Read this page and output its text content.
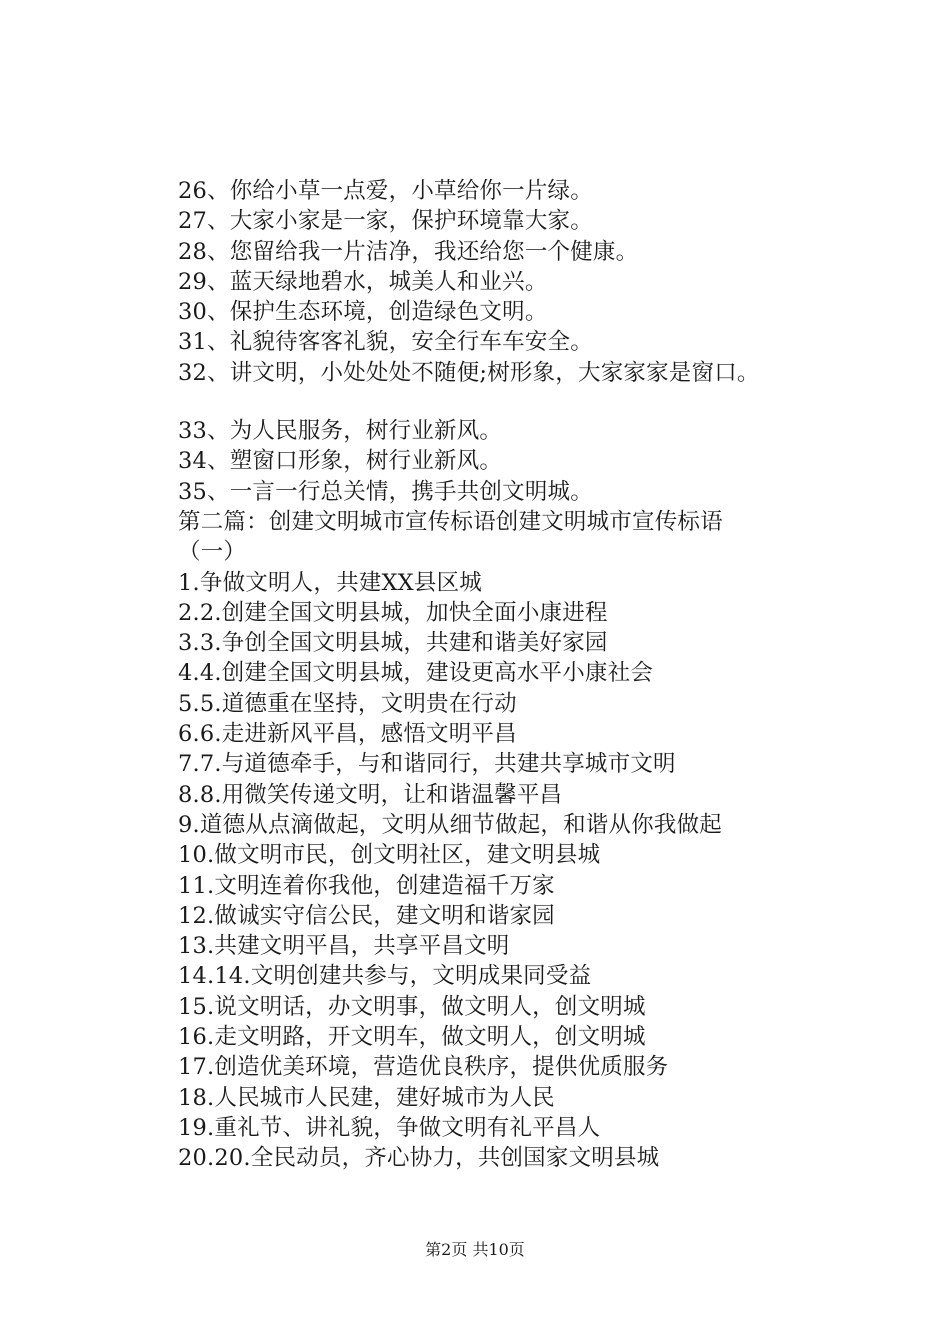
26、你给小草一点爱，小草给你一片绿。
27、大家小家是一家，保护环境靠大家。
28、您留给我一片洁净，我还给您一个健康。
29、蓝天绿地碧水，城美人和业兴。
30、保护生态环境，创造绿色文明。
31、礼貌待客客礼貌，安全行车车安全。
32、讲文明，小处处处不随便;树形象，大家家家是窗口。
33、为人民服务，树行业新风。
34、塑窗口形象，树行业新风。
35、一言一行总关情，携手共创文明城。
第二篇：创建文明城市宣传标语创建文明城市宣传标语
（一）
1.争做文明人，共建XX县区城
2.2.创建全国文明县城，加快全面小康进程
3.3.争创全国文明县城，共建和谐美好家园
4.4.创建全国文明县城，建设更高水平小康社会
5.5.道德重在坚持，文明贵在行动
6.6.走进新风平昌，感悟文明平昌
7.7.与道德牵手，与和谐同行，共建共享城市文明
8.8.用微笑传递文明，让和谐温馨平昌
9.道德从点滴做起，文明从细节做起，和谐从你我做起
10.做文明市民，创文明社区，建文明县城
11.文明连着你我他，创建造福千万家
12.做诚实守信公民，建文明和谐家园
13.共建文明平昌，共享平昌文明
14.14.文明创建共参与，文明成果同受益
15.说文明话，办文明事，做文明人，创文明城
16.走文明路，开文明车，做文明人，创文明城
17.创造优美环境，营造优良秩序，提供优质服务
18.人民城市人民建，建好城市为人民
19.重礼节、讲礼貌，争做文明有礼平昌人
20.20.全民动员，齐心协力，共创国家文明县城
第2页 共10页
